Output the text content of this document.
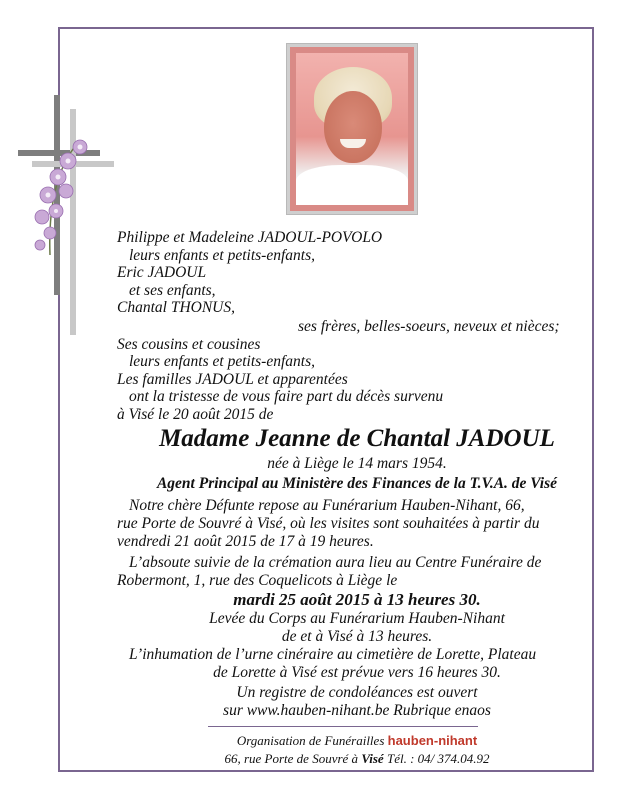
Philippe et Madeleine JADOUL-POVOLO
leurs enfants et petits-enfants,
Eric JADOUL
et ses enfants,
Chantal THONUS,
ses frères, belles-soeurs, neveux et nièces;
Ses cousins et cousines
leurs enfants et petits-enfants,
Les familles JADOUL et apparentées
ont la tristesse de vous faire part du décès survenu
à Visé le 20 août 2015 de
Madame Jeanne de Chantal JADOUL
née à Liège le 14 mars 1954.
Agent Principal au Ministère des Finances de la T.V.A. de Visé
Notre chère Défunte repose au Funérarium Hauben-Nihant, 66,
rue Porte de Souvré à Visé, où les visites sont souhaitées à partir du
vendredi 21 août 2015 de 17 à 19 heures.
L’absoute suivie de la crémation aura lieu au Centre Funéraire de
Robermont, 1, rue des Coquelicots à Liège le
mardi 25 août 2015 à 13 heures 30.
Levée du Corps au Funérarium Hauben-Nihant
de et à Visé à 13 heures.
L’inhumation de l’urne cinéraire au cimetière de Lorette, Plateau
de Lorette à Visé est prévue vers 16 heures 30.
Un registre de condoléances est ouvert
sur www.hauben-nihant.be Rubrique enaos
Organisation de Funérailles hauben-nihant
66, rue Porte de Souvré à Visé Tél. : 04/ 374.04.92
